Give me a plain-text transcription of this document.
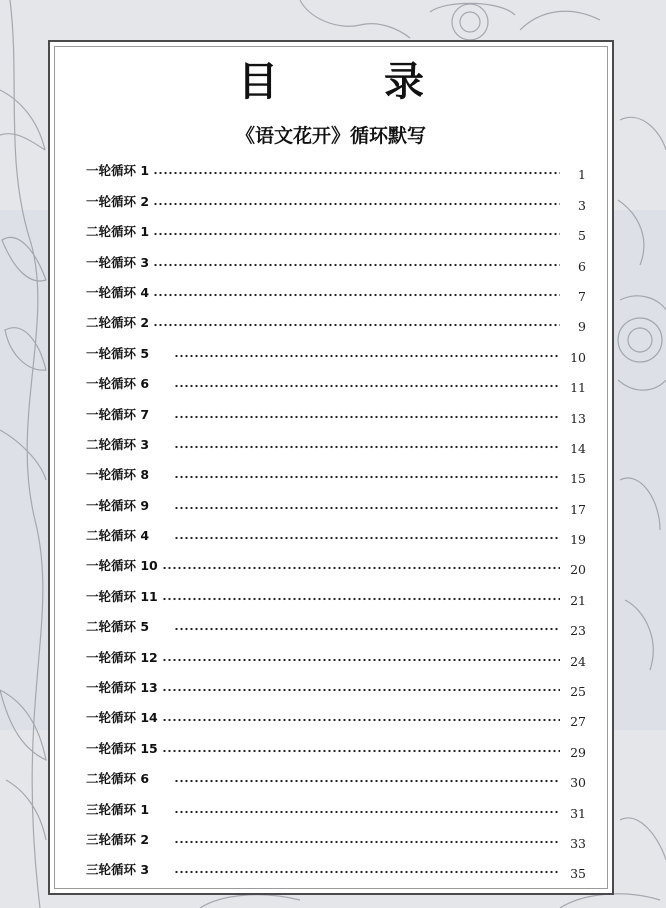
目 录
《语文花开》循环默写
一轮循环 1	1
一轮循环 2	3
二轮循环 1	5
一轮循环 3	6
一轮循环 4	7
二轮循环 2	9
一轮循环 5	10
一轮循环 6	11
一轮循环 7	13
二轮循环 3	14
一轮循环 8	15
一轮循环 9	17
二轮循环 4	19
一轮循环 10	20
一轮循环 11	21
二轮循环 5	23
一轮循环 12	24
一轮循环 13	25
一轮循环 14	27
一轮循环 15	29
二轮循环 6	30
三轮循环 1	31
三轮循环 2	33
三轮循环 3	35
